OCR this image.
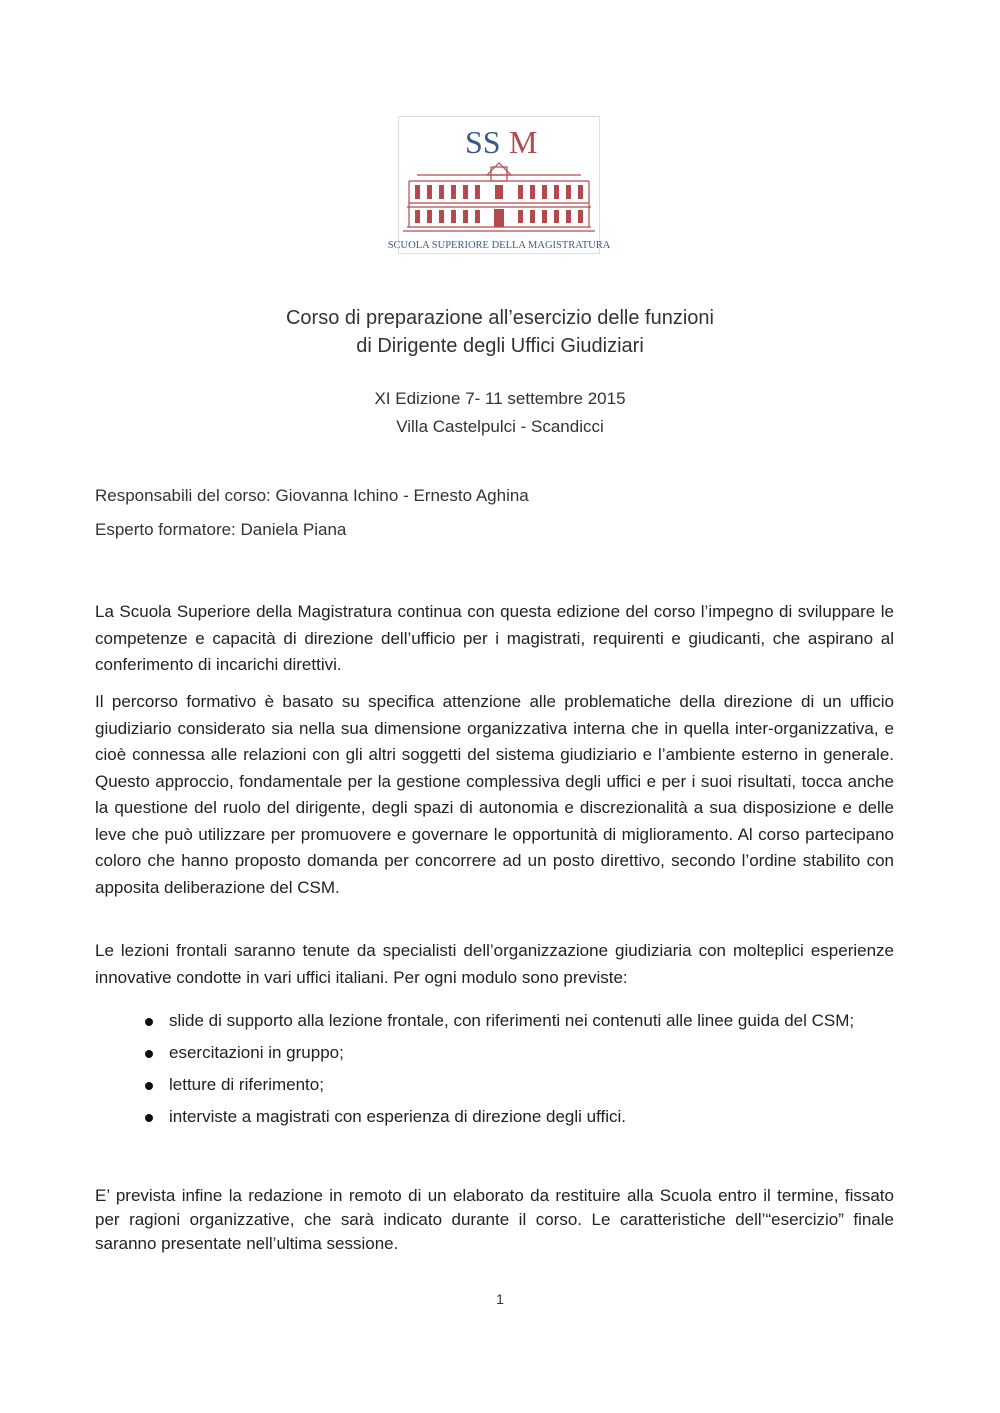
SS M
SCUOLA SUPERIORE DELLA MAGISTRATURA
Corso di preparazione all’esercizio delle funzioni
di Dirigente degli Uffici Giudiziari
XI Edizione 7- 11 settembre 2015
Villa Castelpulci - Scandicci
Responsabili del corso: Giovanna Ichino - Ernesto Aghina
Esperto formatore: Daniela Piana
La Scuola Superiore della Magistratura continua con questa edizione del corso l’impegno di sviluppare le competenze e capacità di direzione dell’ufficio per i magistrati, requirenti e giudicanti, che aspirano al conferimento di incarichi direttivi.
Il percorso formativo è basato su specifica attenzione alle problematiche della direzione di un ufficio giudiziario considerato sia nella sua dimensione organizzativa interna che in quella inter-organizzativa, e cioè connessa alle relazioni con gli altri soggetti del sistema giudiziario e l’ambiente esterno in generale. Questo approccio, fondamentale per la gestione complessiva degli uffici e per i suoi risultati, tocca anche la questione del ruolo del dirigente, degli spazi di autonomia e discrezionalità a sua disposizione e delle leve che può utilizzare per promuovere e governare le opportunità di miglioramento. Al corso partecipano coloro che hanno proposto domanda per concorrere ad un posto direttivo, secondo l’ordine stabilito con apposita deliberazione del CSM.
Le lezioni frontali saranno tenute da specialisti dell’organizzazione giudiziaria con molteplici esperienze innovative condotte in vari uffici italiani. Per ogni modulo sono previste:
slide di supporto alla lezione frontale, con riferimenti nei contenuti alle linee guida del CSM;
esercitazioni in gruppo;
letture di riferimento;
interviste a magistrati con esperienza di direzione degli uffici.
E’ prevista infine la redazione in remoto di un elaborato da restituire alla Scuola entro il termine, fissato per ragioni organizzative, che sarà indicato durante il corso. Le caratteristiche dell’“esercizio” finale saranno presentate nell’ultima sessione.
1
